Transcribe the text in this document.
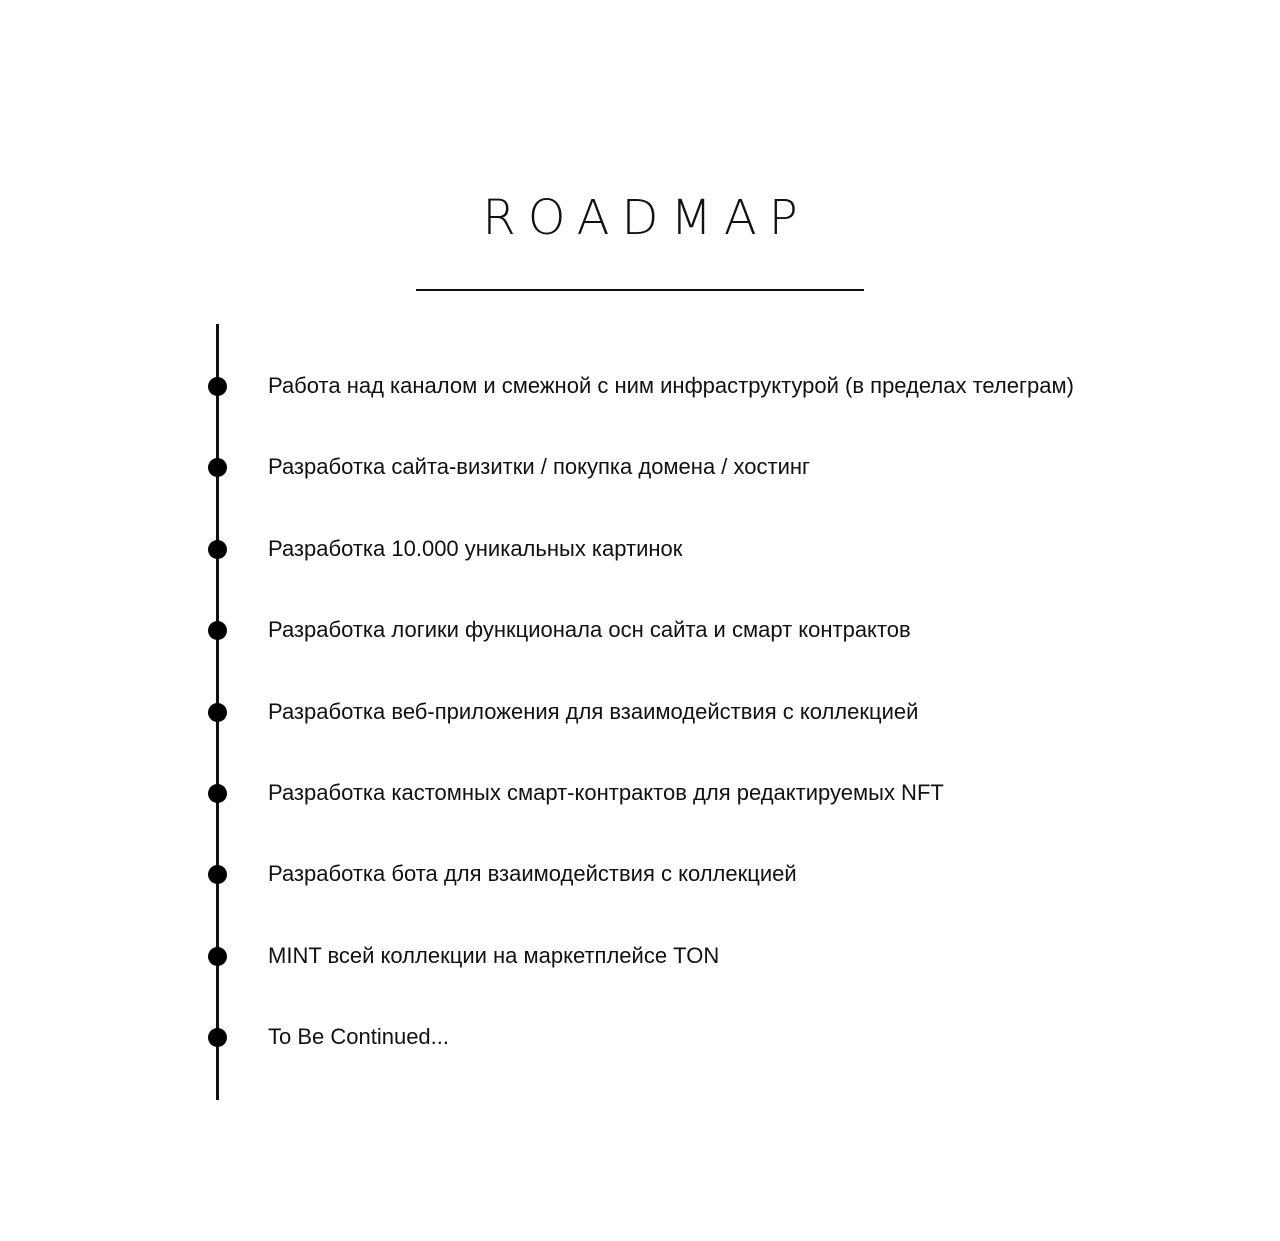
ROADMAP
Работа над каналом и смежной с ним инфраструктурой (в пределах телеграм)
Разработка сайта-визитки / покупка домена / хостинг
Разработка 10.000 уникальных картинок
Разработка логики функционала осн сайта и смарт контрактов
Разработка веб-приложения для взаимодействия с коллекцией
Разработка кастомных смарт-контрактов для редактируемых NFT
Разработка бота для взаимодействия с коллекцией
MINT всей коллекции на маркетплейсе TON
To Be Continued...
